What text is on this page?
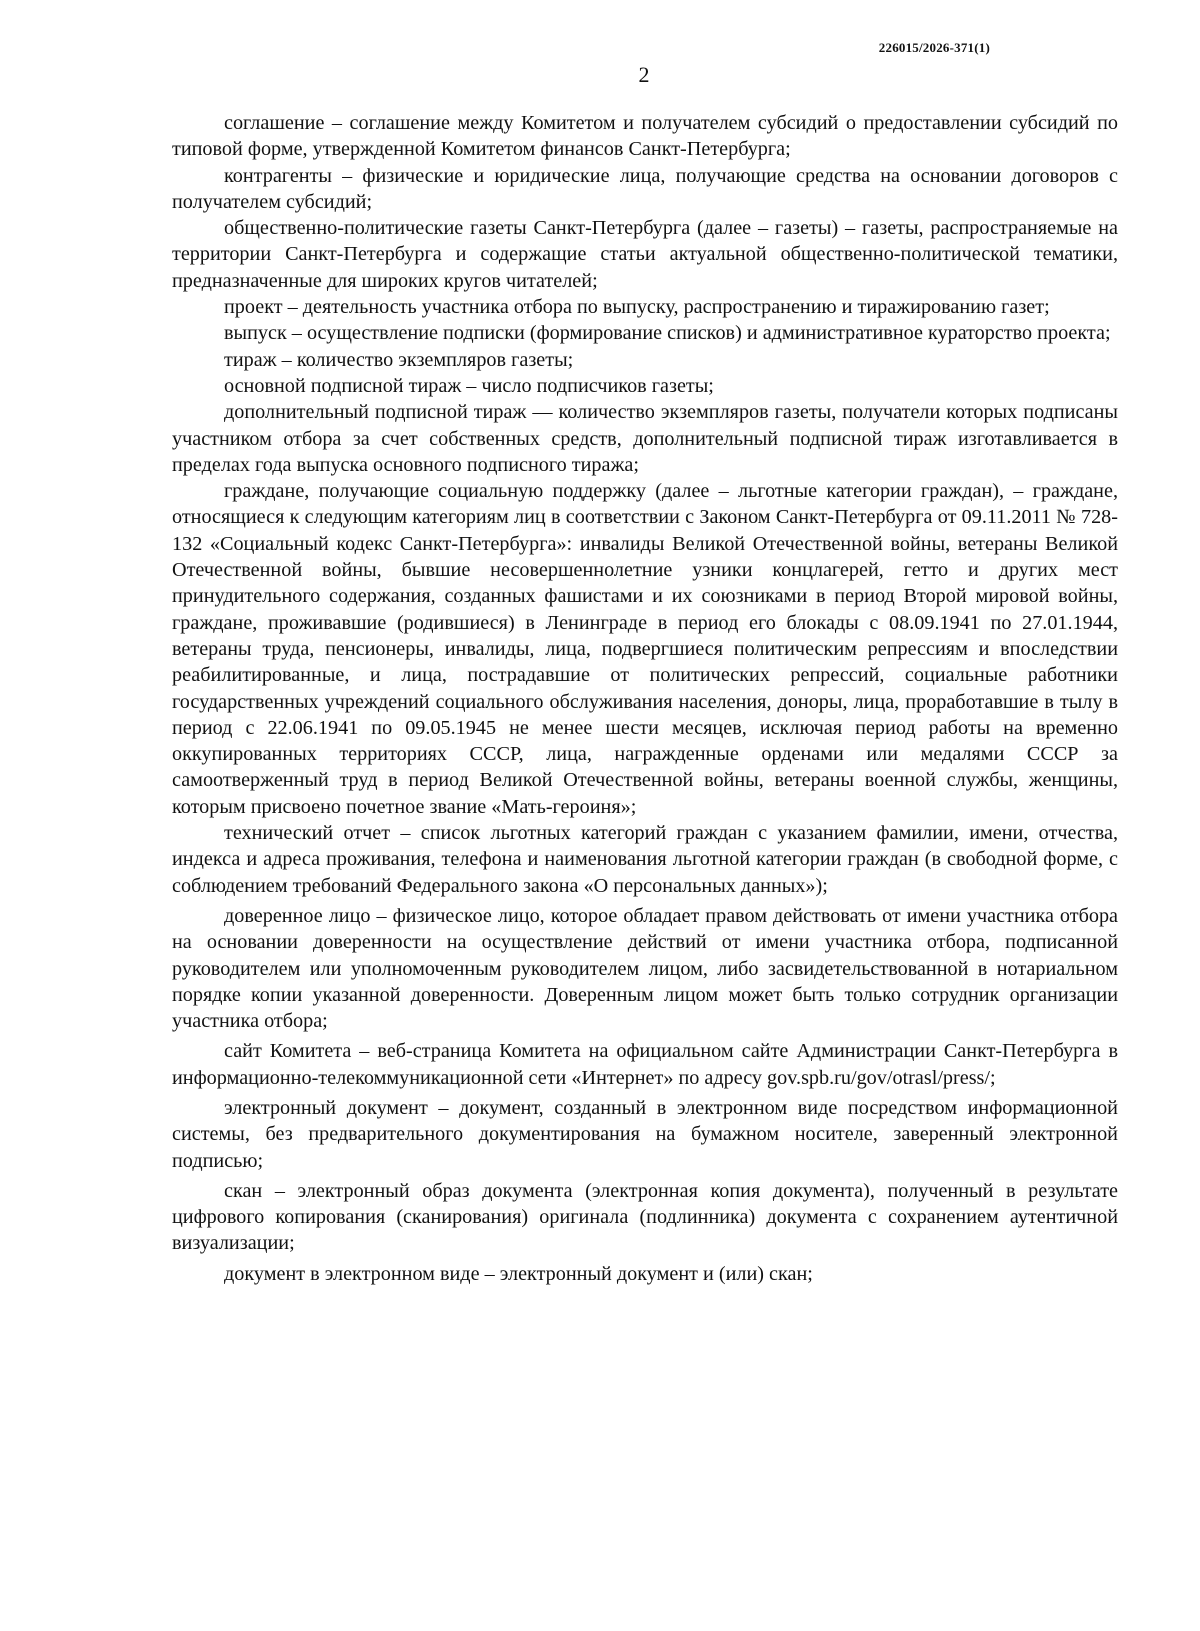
226015/2026-371(1)
2

соглашение – соглашение между Комитетом и получателем субсидий о предоставлении субсидий по типовой форме, утвержденной Комитетом финансов Санкт-Петербурга;

контрагенты – физические и юридические лица, получающие средства на основании договоров с получателем субсидий;

общественно-политические газеты Санкт-Петербурга (далее – газеты) – газеты, распространяемые на территории Санкт-Петербурга и содержащие статьи актуальной общественно-политической тематики, предназначенные для широких кругов читателей;

проект – деятельность участника отбора по выпуску, распространению и тиражированию газет;

выпуск – осуществление подписки (формирование списков) и административное кураторство проекта;

тираж – количество экземпляров газеты;

основной подписной тираж – число подписчиков газеты;

дополнительный подписной тираж — количество экземпляров газеты, получатели которых подписаны участником отбора за счет собственных средств, дополнительный подписной тираж изготавливается в пределах года выпуска основного подписного тиража;

граждане, получающие социальную поддержку (далее – льготные категории граждан), – граждане, относящиеся к следующим категориям лиц в соответствии с Законом Санкт-Петербурга от 09.11.2011 № 728-132 «Социальный кодекс Санкт-Петербурга»: инвалиды Великой Отечественной войны, ветераны Великой Отечественной войны, бывшие несовершеннолетние узники концлагерей, гетто и других мест принудительного содержания, созданных фашистами и их союзниками в период Второй мировой войны, граждане, проживавшие (родившиеся) в Ленинграде в период его блокады с 08.09.1941 по 27.01.1944, ветераны труда, пенсионеры, инвалиды, лица, подвергшиеся политическим репрессиям и впоследствии реабилитированные, и лица, пострадавшие от политических репрессий, социальные работники государственных учреждений социального обслуживания населения, доноры, лица, проработавшие в тылу в период с 22.06.1941 по 09.05.1945 не менее шести месяцев, исключая период работы на временно оккупированных территориях СССР, лица, награжденные орденами или медалями СССР за самоотверженный труд в период Великой Отечественной войны, ветераны военной службы, женщины, которым присвоено почетное звание «Мать-героиня»;

технический отчет – список льготных категорий граждан с указанием фамилии, имени, отчества, индекса и адреса проживания, телефона и наименования льготной категории граждан (в свободной форме, с соблюдением требований Федерального закона «О персональных данных»);

доверенное лицо – физическое лицо, которое обладает правом действовать от имени участника отбора на основании доверенности на осуществление действий от имени участника отбора, подписанной руководителем или уполномоченным руководителем лицом, либо засвидетельствованной в нотариальном порядке копии указанной доверенности. Доверенным лицом может быть только сотрудник организации участника отбора;

сайт Комитета – веб-страница Комитета на официальном сайте Администрации Санкт-Петербурга в информационно-телекоммуникационной сети «Интернет» по адресу gov.spb.ru/gov/otrasl/press/;

электронный документ – документ, созданный в электронном виде посредством информационной системы, без предварительного документирования на бумажном носителе, заверенный электронной подписью;

скан – электронный образ документа (электронная копия документа), полученный в результате цифрового копирования (сканирования) оригинала (подлинника) документа с сохранением аутентичной визуализации;

документ в электронном виде – электронный документ и (или) скан;
